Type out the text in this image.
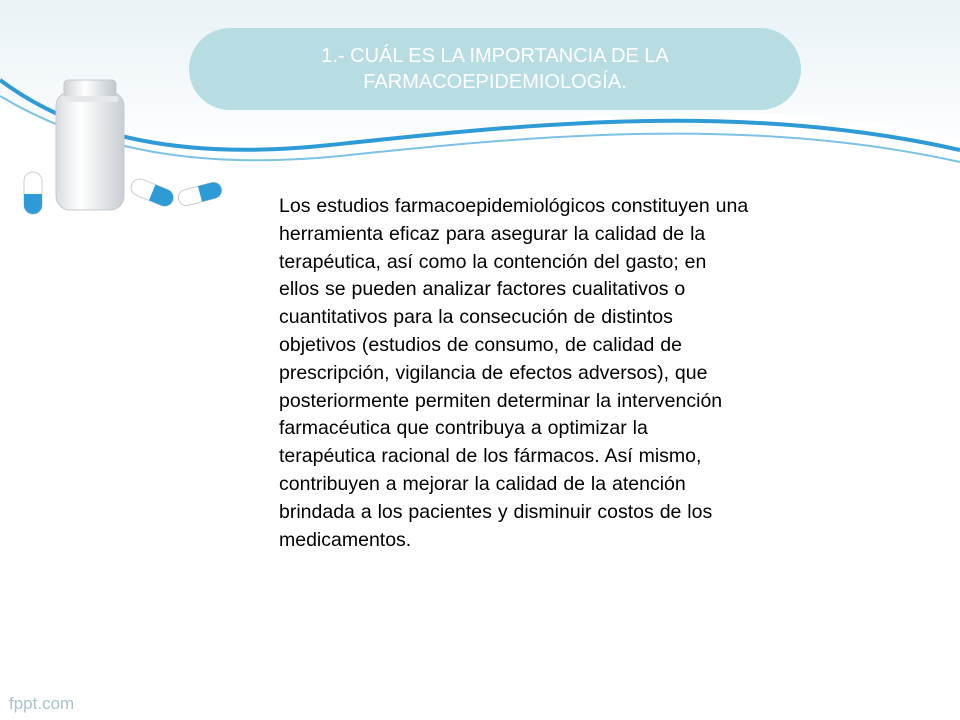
1.- CUÁL ES LA IMPORTANCIA DE LA FARMACOEPIDEMIOLOGÍA.
Los estudios farmacoepidemiológicos constituyen una herramienta eficaz para asegurar la calidad de la terapéutica, así como la contención del gasto; en ellos se pueden analizar factores cualitativos o cuantitativos para la consecución de distintos objetivos (estudios de consumo, de calidad de prescripción, vigilancia de efectos adversos), que posteriormente permiten determinar la intervención farmacéutica que contribuya a optimizar la terapéutica racional de los fármacos. Así mismo, contribuyen a mejorar la calidad de la atención brindada a los pacientes y disminuir costos de los medicamentos.
fppt.com
